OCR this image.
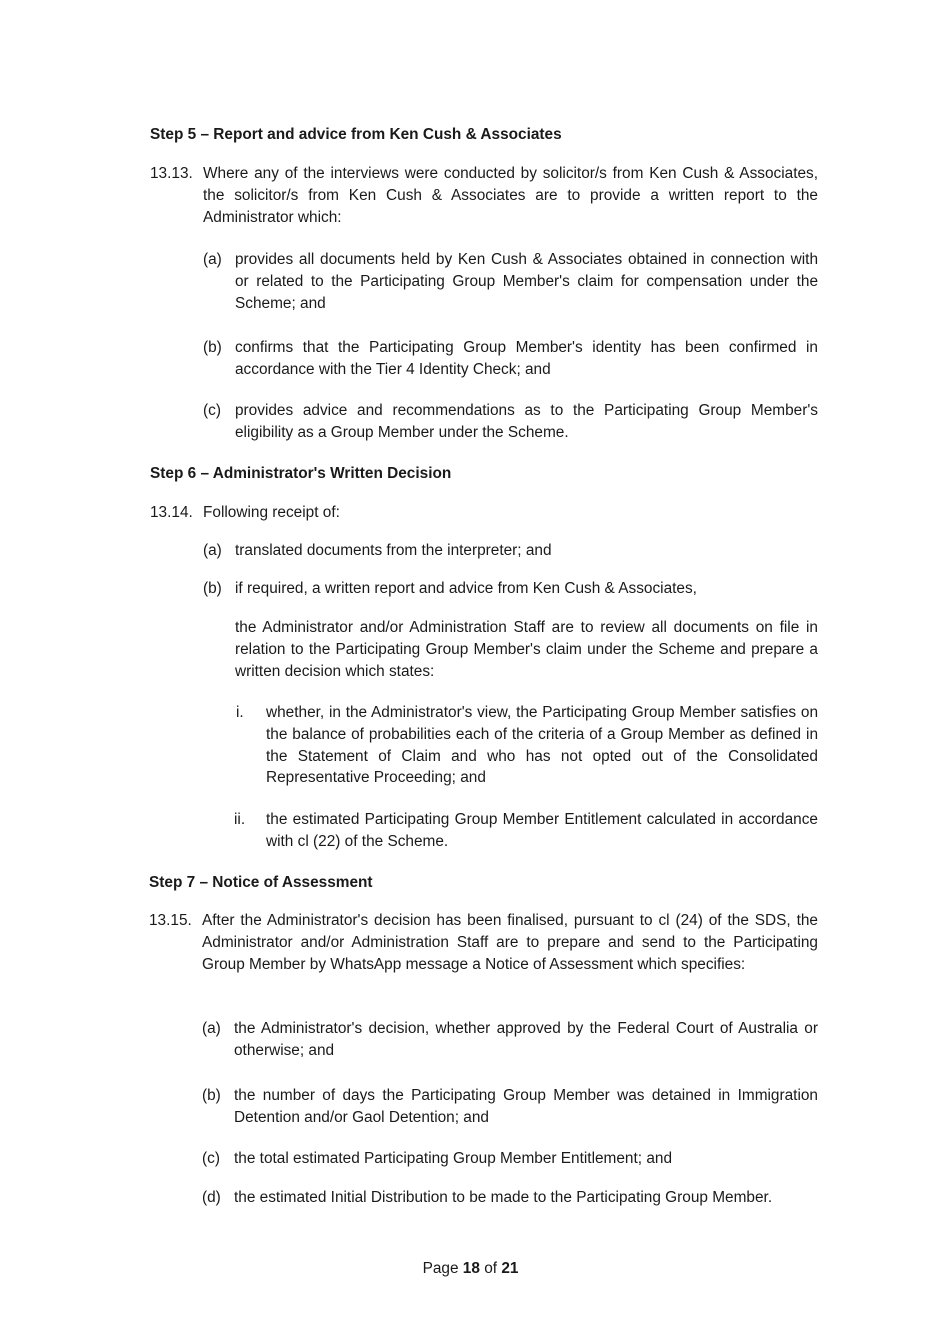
Step 5 – Report and advice from Ken Cush & Associates
13.13. Where any of the interviews were conducted by solicitor/s from Ken Cush & Associates, the solicitor/s from Ken Cush & Associates are to provide a written report to the Administrator which:
(a) provides all documents held by Ken Cush & Associates obtained in connection with or related to the Participating Group Member's claim for compensation under the Scheme; and
(b) confirms that the Participating Group Member's identity has been confirmed in accordance with the Tier 4 Identity Check; and
(c) provides advice and recommendations as to the Participating Group Member's eligibility as a Group Member under the Scheme.
Step 6 – Administrator's Written Decision
13.14. Following receipt of:
(a) translated documents from the interpreter; and
(b) if required, a written report and advice from Ken Cush & Associates,
the Administrator and/or Administration Staff are to review all documents on file in relation to the Participating Group Member's claim under the Scheme and prepare a written decision which states:
i. whether, in the Administrator's view, the Participating Group Member satisfies on the balance of probabilities each of the criteria of a Group Member as defined in the Statement of Claim and who has not opted out of the Consolidated Representative Proceeding; and
ii. the estimated Participating Group Member Entitlement calculated in accordance with cl (22) of the Scheme.
Step 7 – Notice of Assessment
13.15. After the Administrator's decision has been finalised, pursuant to cl (24) of the SDS, the Administrator and/or Administration Staff are to prepare and send to the Participating Group Member by WhatsApp message a Notice of Assessment which specifies:
(a) the Administrator's decision, whether approved by the Federal Court of Australia or otherwise; and
(b) the number of days the Participating Group Member was detained in Immigration Detention and/or Gaol Detention; and
(c) the total estimated Participating Group Member Entitlement; and
(d) the estimated Initial Distribution to be made to the Participating Group Member.
Page 18 of 21
